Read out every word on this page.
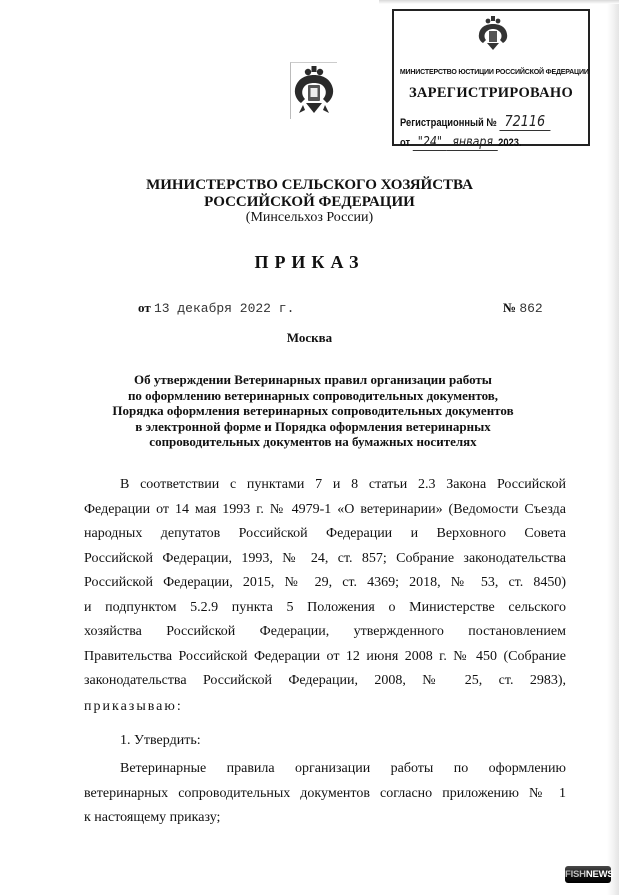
МИНИСТЕРСТВО ЮСТИЦИИ РОССИЙСКОЙ ФЕДЕРАЦИИ
ЗАРЕГИСТРИРОВАНО
Регистрационный № 72116
от "24" января 2023.
МИНИСТЕРСТВО СЕЛЬСКОГО ХОЗЯЙСТВА
РОССИЙСКОЙ ФЕДЕРАЦИИ
(Минсельхоз России)
ПРИКАЗ
от 13 декабря 2022 г.	№ 862
Москва
Об утверждении Ветеринарных правил организации работы
по оформлению ветеринарных сопроводительных документов,
Порядка оформления ветеринарных сопроводительных документов
в электронной форме и Порядка оформления ветеринарных
сопроводительных документов на бумажных носителях
В соответствии с пунктами 7 и 8 статьи 2.3 Закона Российской
Федерации от 14 мая 1993 г. № 4979-1 «О ветеринарии» (Ведомости Съезда
народных депутатов Российской Федерации и Верховного Совета
Российской Федерации, 1993, № 24, ст. 857; Собрание законодательства
Российской Федерации, 2015, № 29, ст. 4369; 2018, № 53, ст. 8450)
и подпунктом 5.2.9 пункта 5 Положения о Министерстве сельского
хозяйства Российской Федерации, утвержденного постановлением
Правительства Российской Федерации от 12 июня 2008 г. № 450 (Собрание
законодательства Российской Федерации, 2008, № 25, ст. 2983),
приказываю:
1. Утвердить:
Ветеринарные правила организации работы по оформлению
ветеринарных сопроводительных документов согласно приложению № 1
к настоящему приказу;
FISHNEWS
